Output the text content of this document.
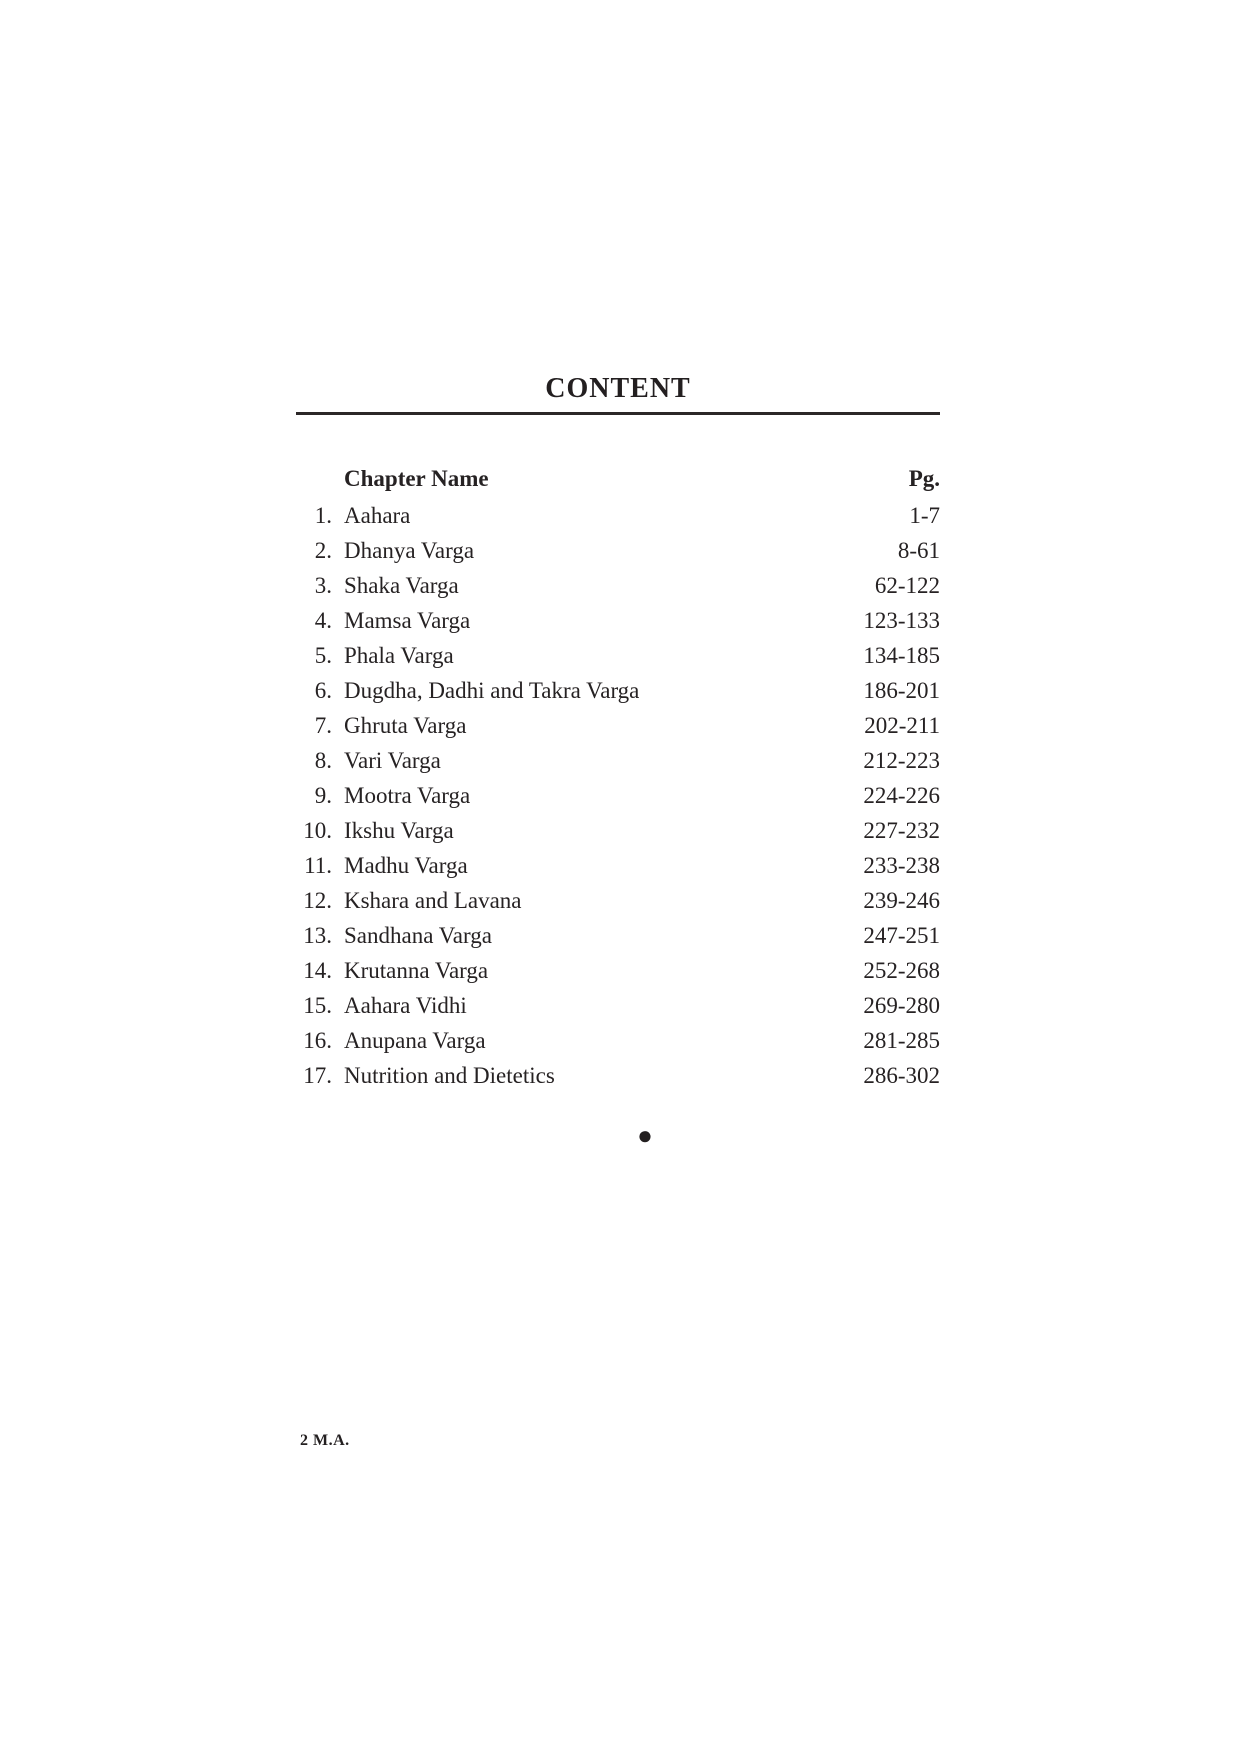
CONTENT
Chapter Name	Pg.
1. Aahara	1-7
2. Dhanya Varga	8-61
3. Shaka Varga	62-122
4. Mamsa Varga	123-133
5. Phala Varga	134-185
6. Dugdha, Dadhi and Takra Varga	186-201
7. Ghruta Varga	202-211
8. Vari Varga	212-223
9. Mootra Varga	224-226
10. Ikshu Varga	227-232
11. Madhu Varga	233-238
12. Kshara and Lavana	239-246
13. Sandhana Varga	247-251
14. Krutanna Varga	252-268
15. Aahara Vidhi	269-280
16. Anupana Varga	281-285
17. Nutrition and Dietetics	286-302
●
2 M.A.
